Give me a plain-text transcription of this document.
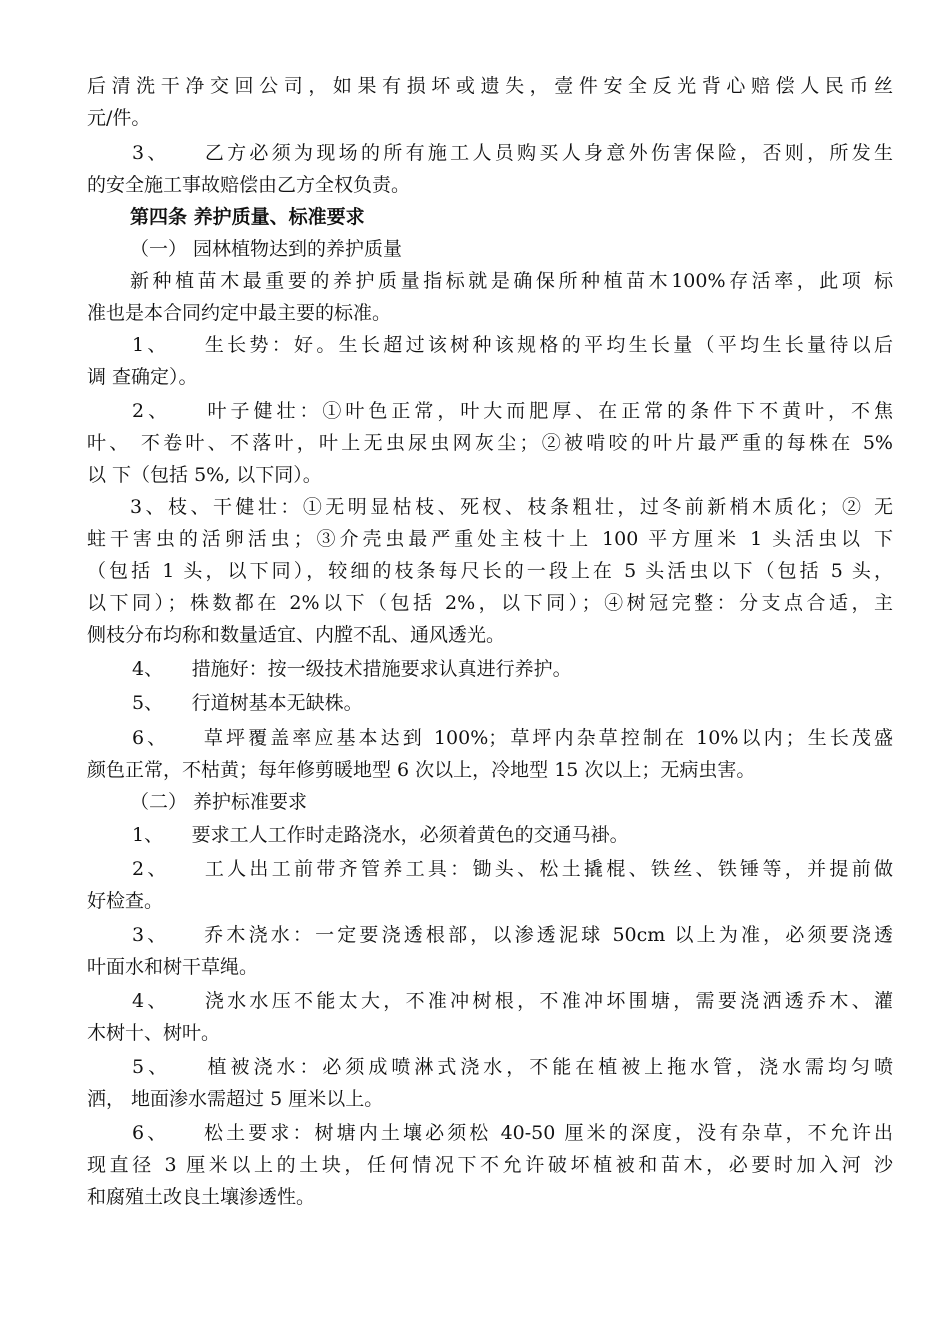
后清洗干净交回公司，如果有损坏或遗失，壹件安全反光背心赔偿人民币丝
元/件。
3、　　乙方必须为现场的所有施工人员购买人身意外伤害保险，否则，所发生
的安全施工事故赔偿由乙方全权负责。
第四条 养护质量、标准要求
（一） 园林植物达到的养护质量
新种植苗木最重要的养护质量指标就是确保所种植苗木100%存活率，此项 标
准也是本合同约定中最主要的标准。
1、　　生长势：好。生长超过该树种该规格的平均生长量（平均生长量待以后
调 查确定）。
2、　　叶子健壮：①叶色正常，叶大而肥厚、在正常的条件下不黄叶，不焦
叶、 不卷叶、不落叶，叶上无虫尿虫网灰尘；②被啃咬的叶片最严重的每株在 5%
以 下（包括 5%, 以下同）。
3、枝、干健壮：①无明显枯枝、死杈、枝条粗壮，过冬前新梢木质化；② 无
蛀干害虫的活卵活虫；③介壳虫最严重处主枝十上 100 平方厘米 1 头活虫以 下
（包括 1 头，以下同），较细的枝条每尺长的一段上在 5 头活虫以下（包括 5 头，
以下同）；株数都在 2%以下（包括 2%，以下同）；④树冠完整：分支点合适，主
侧枝分布均称和数量适宜、内膛不乱、通风透光。
4、　　措施好：按一级技术措施要求认真进行养护。
5、　　行道树基本无缺株。
6、　　草坪覆盖率应基本达到 100%；草坪内杂草控制在 10%以内；生长茂盛
颜色正常，不枯黄；每年修剪暖地型 6 次以上，冷地型 15 次以上；无病虫害。
（二） 养护标准要求
1、　　要求工人工作时走路浇水，必须着黄色的交通马褂。
2、　　工人出工前带齐管养工具：锄头、松土撬棍、铁丝、铁锤等，并提前做
好检查。
3、　　乔木浇水：一定要浇透根部，以渗透泥球 50cm 以上为准，必须要浇透
叶面水和树干草绳。
4、　　浇水水压不能太大，不准冲树根，不准冲坏围塘，需要浇洒透乔木、灌
木树十、树叶。
5、　　植被浇水：必须成喷淋式浇水，不能在植被上拖水管，浇水需均匀喷
洒， 地面渗水需超过 5 厘米以上。
6、　　松土要求：树塘内土壤必须松 40-50 厘米的深度，没有杂草，不允许出
现直径 3 厘米以上的土块，任何情况下不允许破坏植被和苗木，必要时加入河 沙
和腐殖土改良土壤渗透性。
